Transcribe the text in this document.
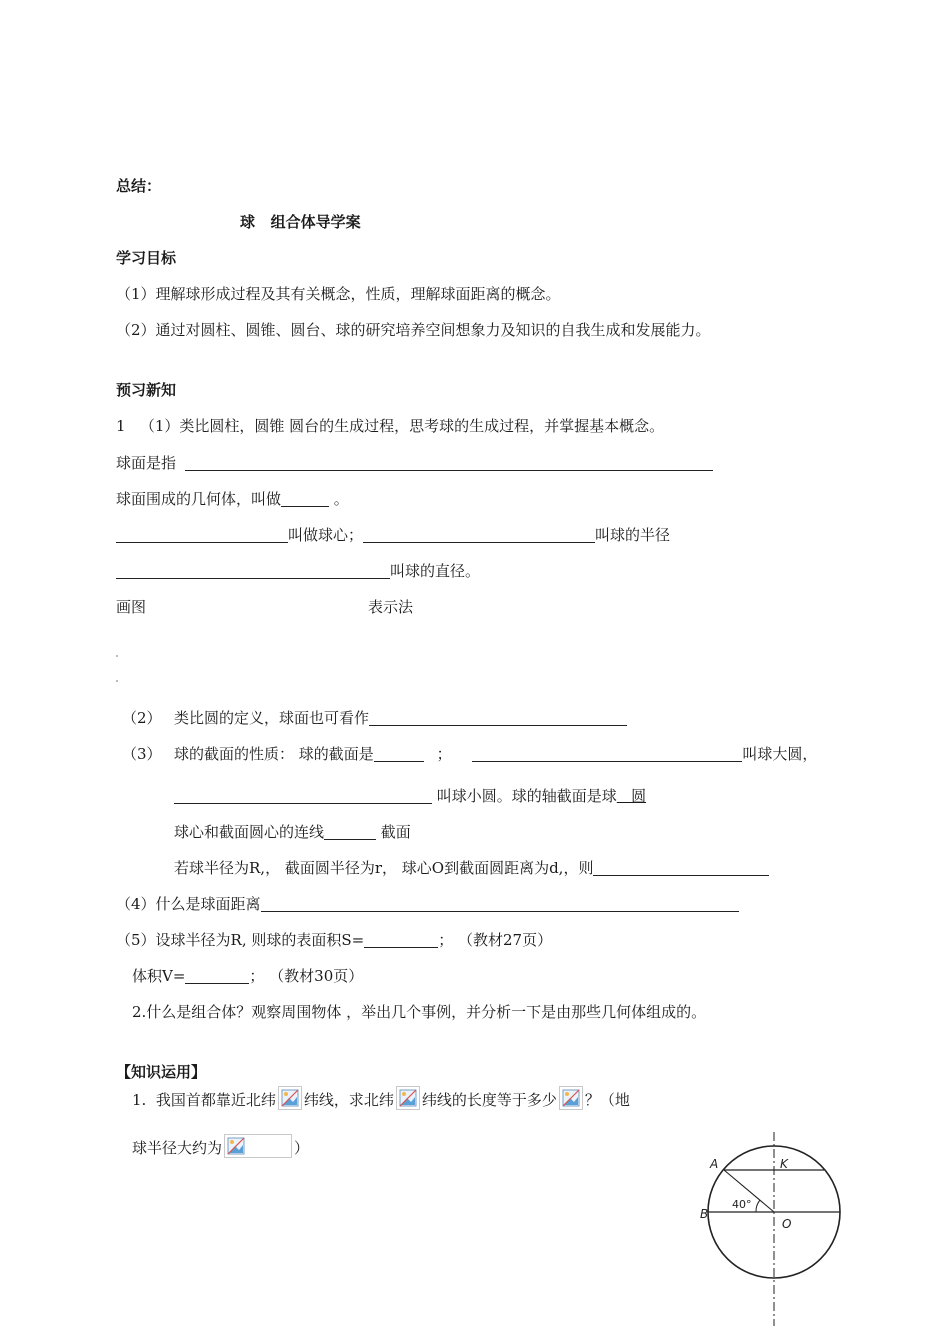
总结：
球   组合体导学案
学习目标
（1）理解球形成过程及其有关概念，性质，理解球面距离的概念。
（2）通过对圆柱、圆锥、圆台、球的研究培养空间想象力及知识的自我生成和发展能力。
预习新知
1   （1）类比圆柱，圆锥 圆台的生成过程，思考球的生成过程，并掌握基本概念。
球面是指
球面围成的几何体，叫做	。
叫做球心；	叫球的半径
叫球的直径。
画图	表示法
（2） 类比圆的定义，球面也可看作
（3） 球的截面的性质： 球的截面是	；	叫球大圆，
叫球小圆。球的轴截面是球   圆
球心和截面圆心的连线	截面
若球半径为R,， 截面圆半径为r， 球心O到截面圆距离为d,，则
（4）什么是球面距离
（5）设球半径为R, 则球的表面积S=	； （教材27页）
体积V=	； （教材30页）
2.什么是组合体？观察周围物体 ，举出几个事例，并分析一下是由那些几何体组成的。
【知识运用】
1.  我国首都靠近北纬 纬线，求北纬 纬线的长度等于多少 ？（地
球半径大约为	）
A	K
B
O
40°
